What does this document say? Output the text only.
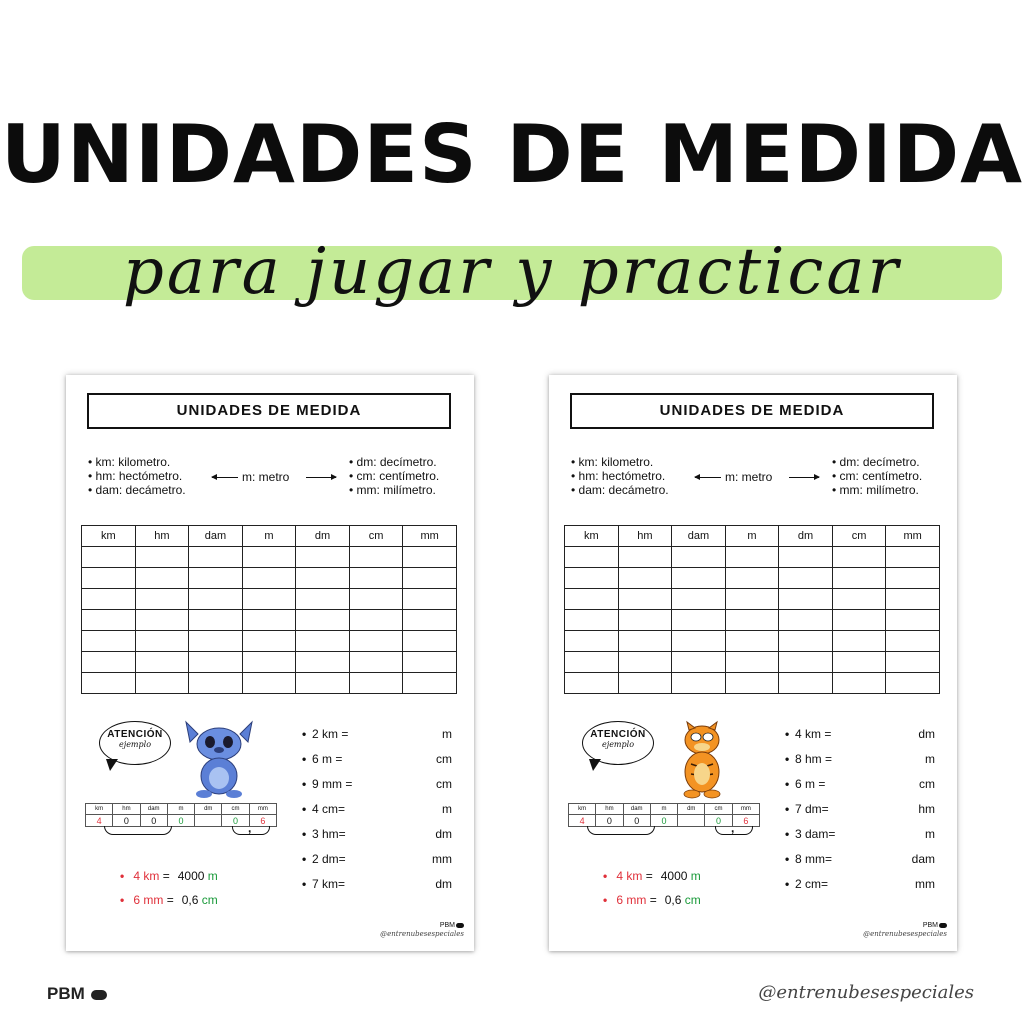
UNIDADES DE MEDIDA
para jugar y practicar
UNIDADES DE MEDIDA
• km: kilometro.
• hm: hectómetro.
• dam: decámetro.
m: metro
• dm: decímetro.
• cm: centímetro.
• mm: milímetro.
km	hm	dam	m	dm	cm	mm

ATENCIÓN
ejemplo
km	hm	dam	m	dm	cm	mm
4	0	0	0		0	6
,
• 4 km = 4000 m
• 6 mm = 0,6 cm
• 2 km =	m
• 6 m =	cm
• 9 mm =	cm
• 4 cm=	m
• 3 hm=	dm
• 2 dm=	mm
• 7 km=	dm
PBM
@entrenubesespeciales
UNIDADES DE MEDIDA
• km: kilometro.
• hm: hectómetro.
• dam: decámetro.
m: metro
• dm: decímetro.
• cm: centímetro.
• mm: milímetro.
km	hm	dam	m	dm	cm	mm

ATENCIÓN
ejemplo
km	hm	dam	m	dm	cm	mm
4	0	0	0		0	6
,
• 4 km = 4000 m
• 6 mm = 0,6 cm
• 4 km =	dm
• 8 hm =	m
• 6 m =	cm
• 7 dm=	hm
• 3 dam=	m
• 8 mm=	dam
• 2 cm=	mm
PBM
@entrenubesespeciales
PBM	@entrenubesespeciales
